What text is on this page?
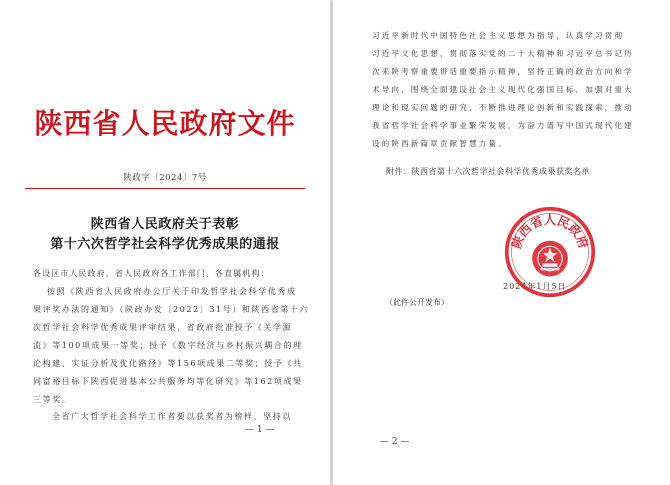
陕西省人民政府文件
陕政字〔2024〕7号
陕西省人民政府关于表彰
第十六次哲学社会科学优秀成果的通报
各设区市人民政府，省人民政府各工作部门、各直属机构：
按照《陕西省人民政府办公厅关于印发哲学社会科学优秀成
果评奖办法的通知》（陕政办发〔2022〕31号）和陕西省第十六
次哲学社会科学优秀成果评审结果，省政府批准授予《关学源
流》等100项成果一等奖；授予《数字经济与乡村振兴耦合的理
论构建、实证分析及优化路径》等156项成果二等奖；授予《共
同富裕目标下陕西促进基本公共服务均等化研究》等162项成果
三等奖。
全省广大哲学社会科学工作者要以获奖者为榜样，坚持以
— 1 —
习近平新时代中国特色社会主义思想为指导，认真学习贯彻
习近平文化思想，贯彻落实党的二十大精神和习近平总书记历
次来陕考察重要讲话重要指示精神，坚持正确的政治方向和学
术导向，围绕全面建设社会主义现代化强国目标，加强对重大
理论和现实问题的研究，不断推进理论创新和实践探索，推动
我省哲学社会科学事业繁荣发展，为奋力谱写中国式现代化建
设的陕西新篇章贡献智慧力量。
附件：陕西省第十六次哲学社会科学优秀成果获奖名单
2024年1月5日
（此件公开发布）
— 2 —
陕西省人民政府
